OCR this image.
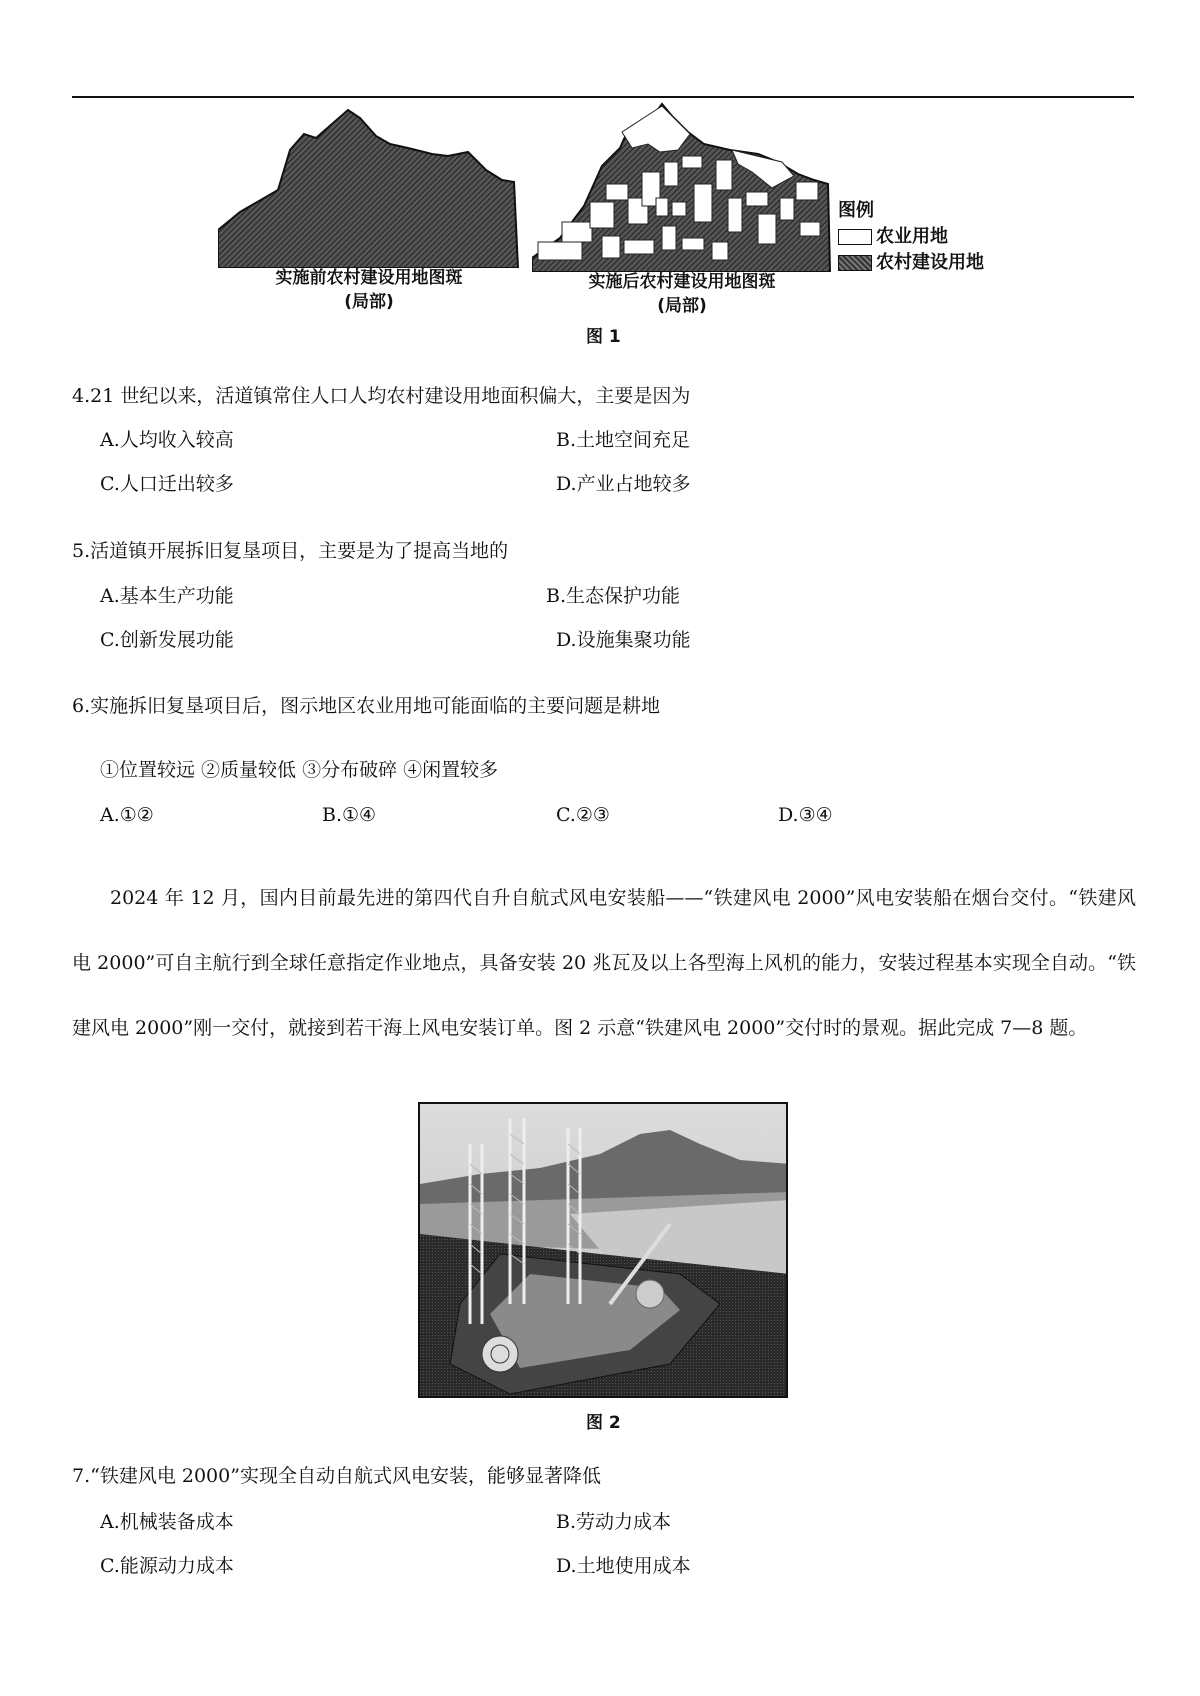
实施前农村建设用地图斑
(局部)
实施后农村建设用地图斑
(局部)
图例
农业用地
农村建设用地
图 1
4.21 世纪以来，活道镇常住人口人均农村建设用地面积偏大，主要是因为
A.人均收入较高	B.土地空间充足
C.人口迁出较多	D.产业占地较多
5.活道镇开展拆旧复垦项目，主要是为了提高当地的
A.基本生产功能	B.生态保护功能
C.创新发展功能	D.设施集聚功能
6.实施拆旧复垦项目后，图示地区农业用地可能面临的主要问题是耕地
①位置较远 ②质量较低 ③分布破碎 ④闲置较多
A.①②	B.①④	C.②③	D.③④
2024 年 12 月，国内目前最先进的第四代自升自航式风电安装船——“铁建风电 2000”风电安装船在烟台交付。“铁建风电 2000”可自主航行到全球任意指定作业地点，具备安装 20 兆瓦及以上各型海上风机的能力，安装过程基本实现全自动。“铁建风电 2000”刚一交付，就接到若干海上风电安装订单。图 2 示意“铁建风电 2000”交付时的景观。据此完成 7—8 题。
图 2
7.“铁建风电 2000”实现全自动自航式风电安装，能够显著降低
A.机械装备成本	B.劳动力成本
C.能源动力成本	D.土地使用成本
